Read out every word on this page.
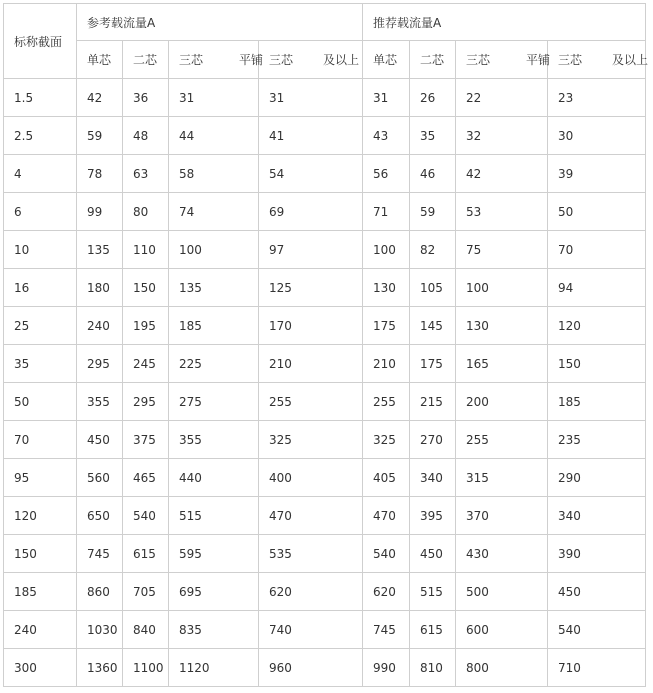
标称截面	参考载流量A				推荐载流量A			
	单芯	二芯	三芯 平铺	三芯 及以上	单芯	二芯	三芯 平铺	三芯 及以上
1.5	42	36	31	31	31	26	22	23
2.5	59	48	44	41	43	35	32	30
4	78	63	58	54	56	46	42	39
6	99	80	74	69	71	59	53	50
10	135	110	100	97	100	82	75	70
16	180	150	135	125	130	105	100	94
25	240	195	185	170	175	145	130	120
35	295	245	225	210	210	175	165	150
50	355	295	275	255	255	215	200	185
70	450	375	355	325	325	270	255	235
95	560	465	440	400	405	340	315	290
120	650	540	515	470	470	395	370	340
150	745	615	595	535	540	450	430	390
185	860	705	695	620	620	515	500	450
240	1030	840	835	740	745	615	600	540
300	1360	1100	1120	960	990	810	800	710
